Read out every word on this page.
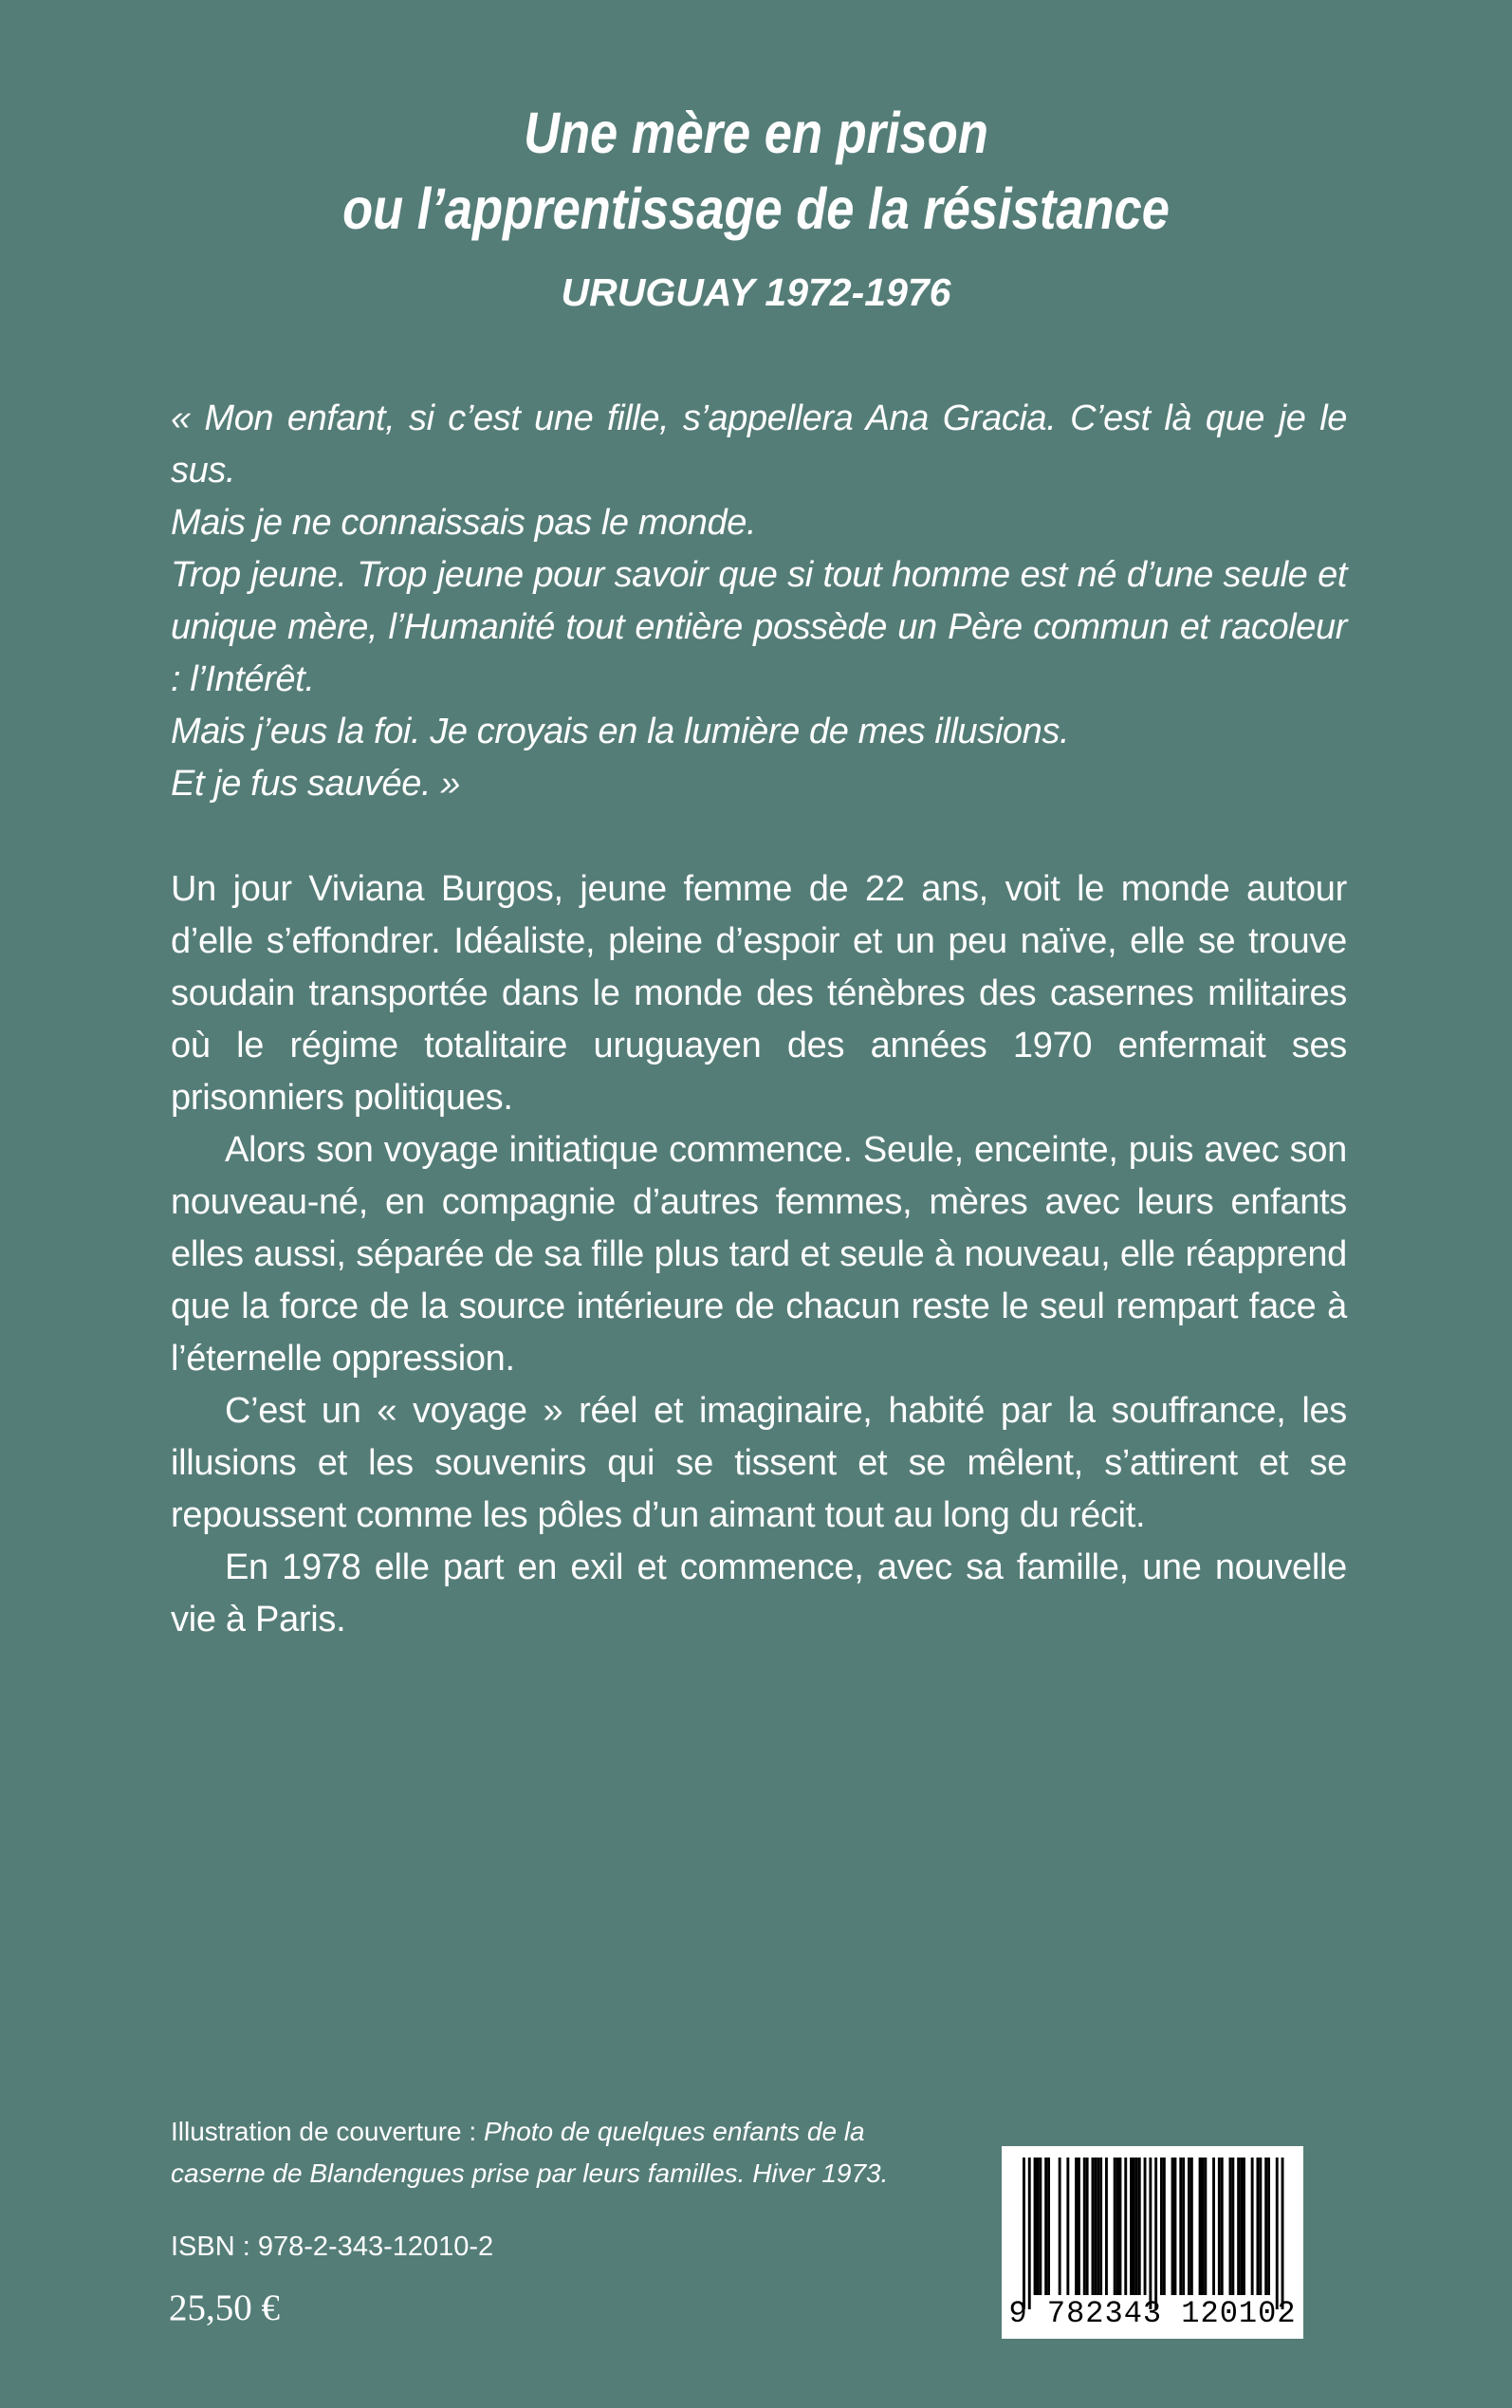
Une mère en prison
ou l’apprentissage de la résistance
URUGUAY 1972-1976
« Mon enfant, si c’est une fille, s’appellera Ana Gracia. C’est là que je le sus.
Mais je ne connaissais pas le monde.
Trop jeune. Trop jeune pour savoir que si tout homme est né d’une seule et unique mère, l’Humanité tout entière possède un Père commun et racoleur : l’Intérêt.
Mais j’eus la foi. Je croyais en la lumière de mes illusions.
Et je fus sauvée. »

Un jour Viviana Burgos, jeune femme de 22 ans, voit le monde autour d’elle s’effondrer. Idéaliste, pleine d’espoir et un peu naïve, elle se trouve soudain transportée dans le monde des ténèbres des casernes militaires où le régime totalitaire uruguayen des années 1970 enfermait ses prisonniers politiques.

Alors son voyage initiatique commence. Seule, enceinte, puis avec son nouveau-né, en compagnie d’autres femmes, mères avec leurs enfants elles aussi, séparée de sa fille plus tard et seule à nouveau, elle réapprend que la force de la source intérieure de chacun reste le seul rempart face à l’éternelle oppression.

C’est un « voyage » réel et imaginaire, habité par la souffrance, les illusions et les souvenirs qui se tissent et se mêlent, s’attirent et se repoussent comme les pôles d’un aimant tout au long du récit.

En 1978 elle part en exil et commence, avec sa famille, une nouvelle vie à Paris.

Illustration de couverture : Photo de quelques enfants de la caserne de Blandengues prise par leurs familles. Hiver 1973.
ISBN : 978-2-343-12010-2
25,50 €	9 782343 120102
